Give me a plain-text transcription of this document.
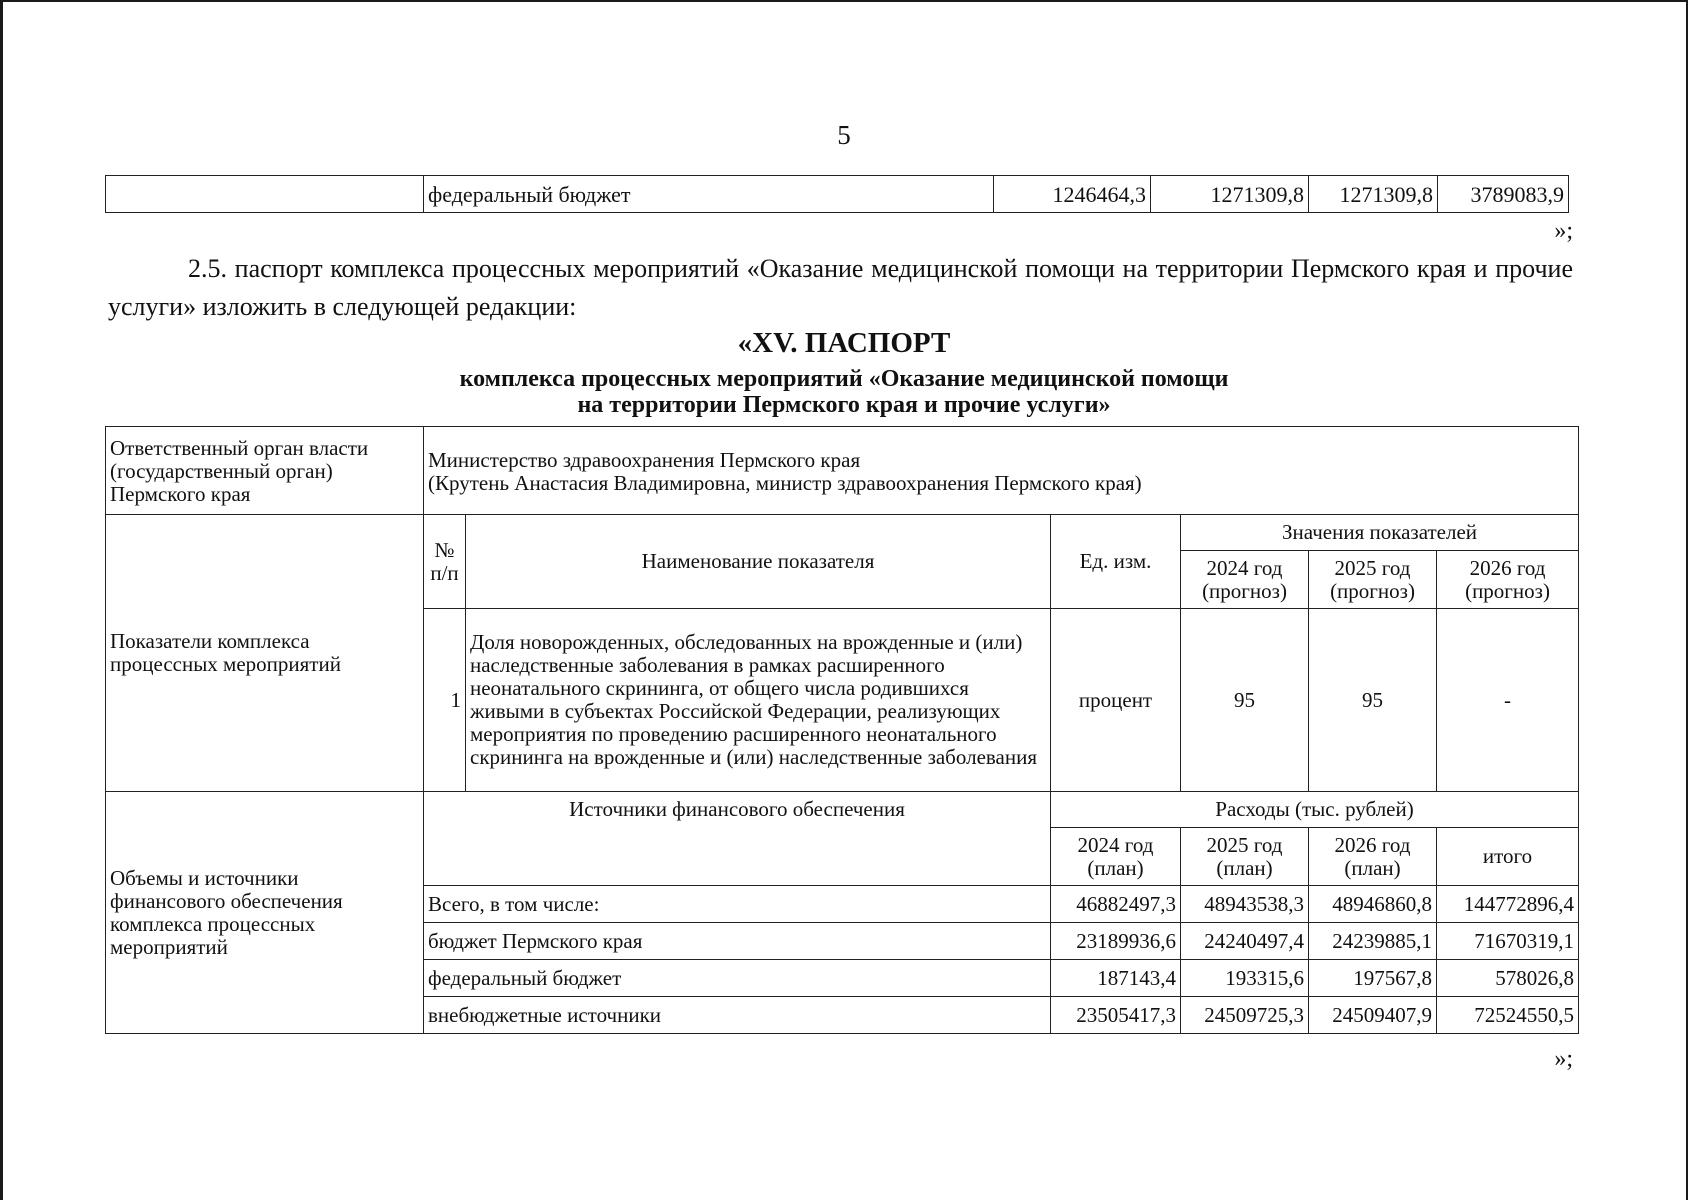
5
	федеральный бюджет	1246464,3	1271309,8	1271309,8	3789083,9
»;
2.5. паспорт комплекса процессных мероприятий «Оказание медицинской помощи на территории Пермского края и прочие услуги» изложить в следующей редакции:
«XV. ПАСПОРТ
комплекса процессных мероприятий «Оказание медицинской помощи
на территории Пермского края и прочие услуги»
Ответственный орган власти (государственный орган) Пермского края	Министерство здравоохранения Пермского края
(Крутень Анастасия Владимировна, министр здравоохранения Пермского края)					

Показатели комплекса процессных мероприятий	№ п/п	Наименование показателя	Ед. изм.	Значения показателей		
				2024 год (прогноз)	2025 год (прогноз)	2026 год (прогноз)
	1	Доля новорожденных, обследованных на врожденные и (или) наследственные заболевания в рамках расширенного неонатального скрининга, от общего числа родившихся живыми в субъектах Российской Федерации, реализующих мероприятия по проведению расширенного неонатального скрининга на врожденные и (или) наследственные заболевания	процент	95	95	-
Объемы и источники финансового обеспечения комплекса процессных мероприятий	Источники финансового обеспечения		Расходы (тыс. рублей)			
			2024 год (план)	2025 год (план)	2026 год (план)	итого
	Всего, в том числе:		46882497,3	48943538,3	48946860,8	144772896,4
	бюджет Пермского края		23189936,6	24240497,4	24239885,1	71670319,1
	федеральный бюджет		187143,4	193315,6	197567,8	578026,8
	внебюджетные источники		23505417,3	24509725,3	24509407,9	72524550,5
»;
